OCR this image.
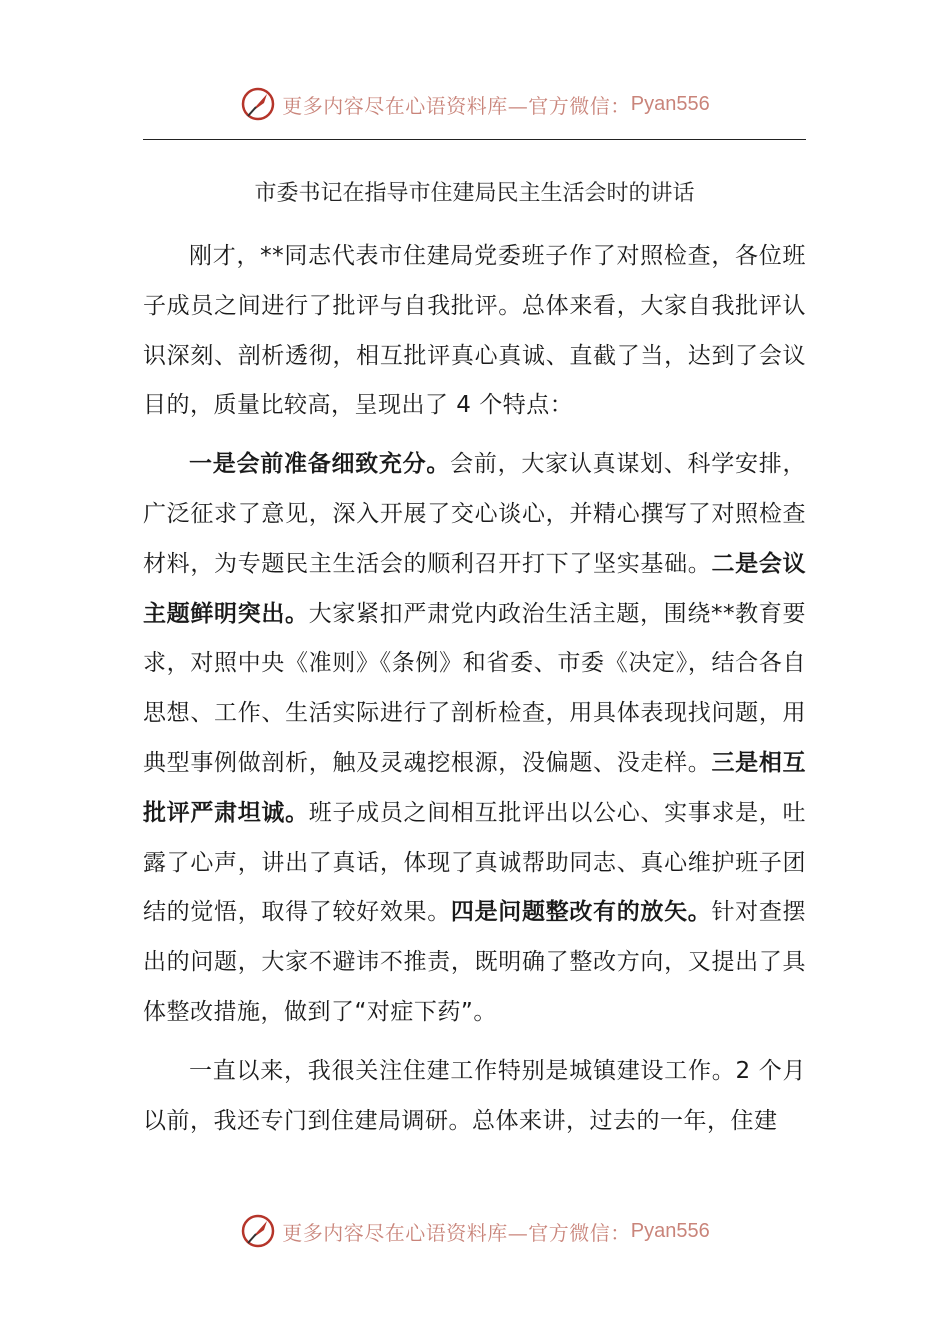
更多内容尽在心语资料库—官方微信： Pyan556
市委书记在指导市住建局民主生活会时的讲话

刚才，**同志代表市住建局党委班子作了对照检查，各位班子成员之间进行了批评与自我批评。总体来看，大家自我批评认识深刻、剖析透彻，相互批评真心真诚、直截了当，达到了会议目的，质量比较高，呈现出了 4 个特点：

一是会前准备细致充分。会前，大家认真谋划、科学安排，广泛征求了意见，深入开展了交心谈心，并精心撰写了对照检查材料，为专题民主生活会的顺利召开打下了坚实基础。二是会议主题鲜明突出。大家紧扣严肃党内政治生活主题，围绕**教育要求，对照中央《准则》《条例》和省委、市委《决定》，结合各自思想、工作、生活实际进行了剖析检查，用具体表现找问题，用典型事例做剖析，触及灵魂挖根源，没偏题、没走样。三是相互批评严肃坦诚。班子成员之间相互批评出以公心、实事求是，吐露了心声，讲出了真话，体现了真诚帮助同志、真心维护班子团结的觉悟，取得了较好效果。四是问题整改有的放矢。针对查摆出的问题，大家不避讳不推责，既明确了整改方向，又提出了具体整改措施，做到了“对症下药”。

一直以来，我很关注住建工作特别是城镇建设工作。2 个月以前，我还专门到住建局调研。总体来讲，过去的一年，住建

更多内容尽在心语资料库—官方微信： Pyan556
